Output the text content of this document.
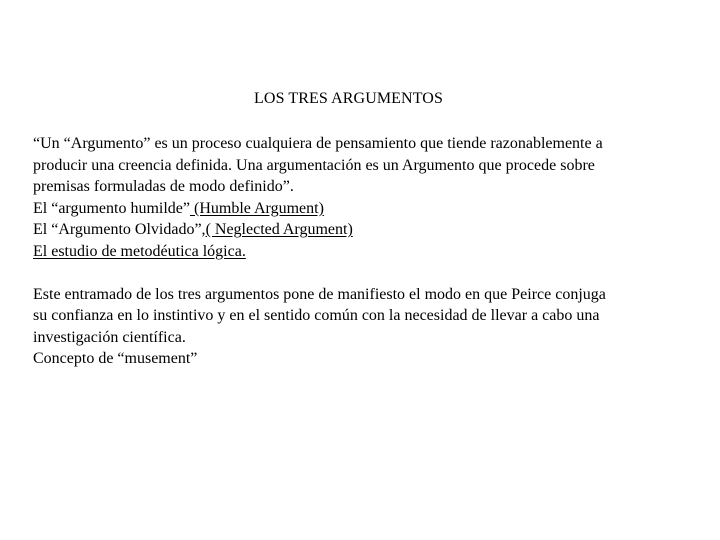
LOS TRES ARGUMENTOS
“Un “Argumento” es un proceso cualquiera de pensamiento que tiende razonablemente a
producir una creencia definida. Una argumentación es un Argumento que procede sobre
premisas formuladas de modo definido”.
El “argumento humilde” (Humble Argument)
El “Argumento Olvidado”,( Neglected Argument)
El estudio de metodéutica lógica.
Este entramado de los tres argumentos pone de manifiesto el modo en que Peirce conjuga
su confianza en lo instintivo y en el sentido común con la necesidad de llevar a cabo una
investigación científica.
Concepto de “musement”
